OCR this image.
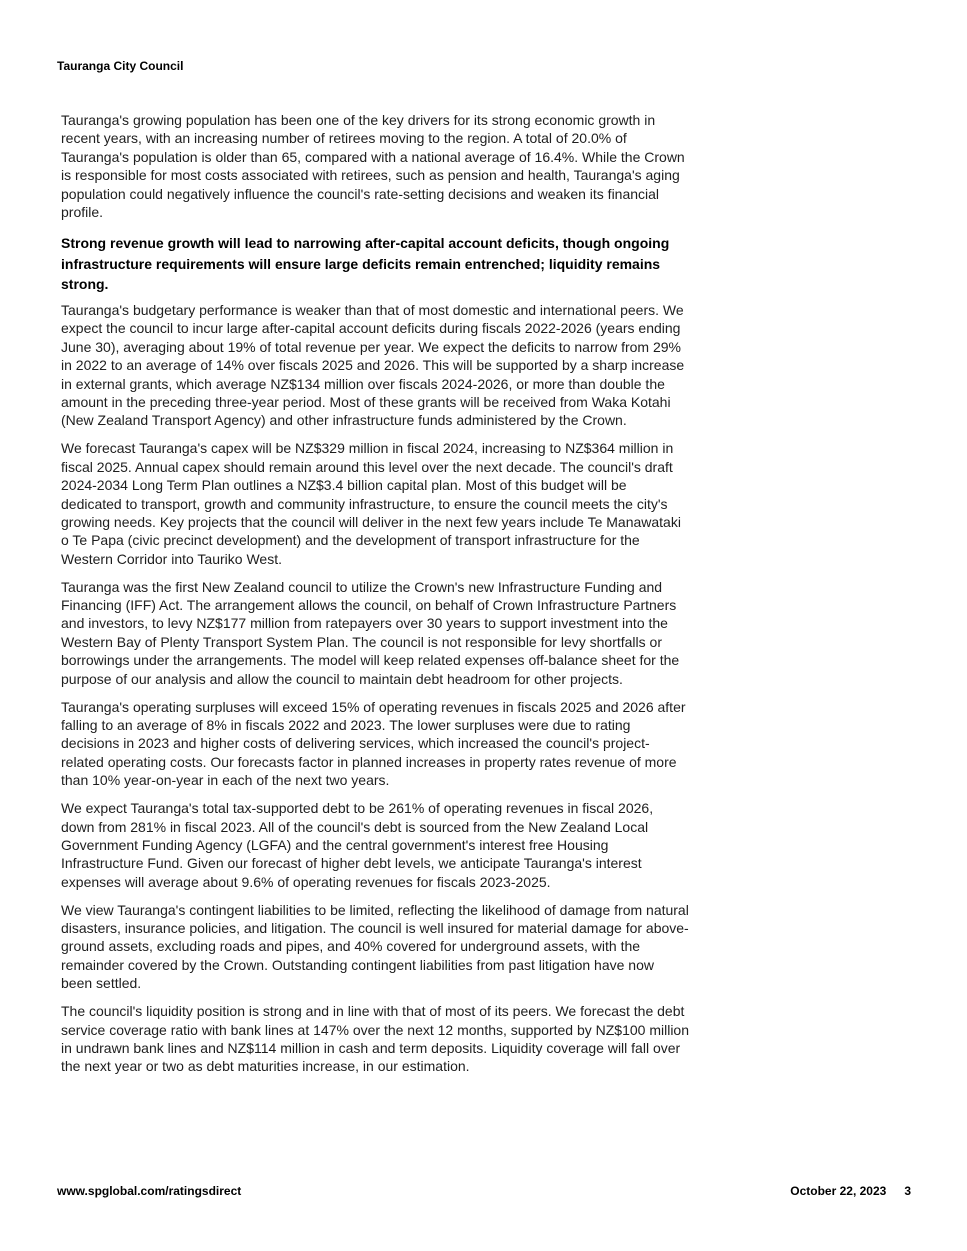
Tauranga City Council

Tauranga's growing population has been one of the key drivers for its strong economic growth in recent years, with an increasing number of retirees moving to the region. A total of 20.0% of Tauranga's population is older than 65, compared with a national average of 16.4%. While the Crown is responsible for most costs associated with retirees, such as pension and health, Tauranga's aging population could negatively influence the council's rate-setting decisions and weaken its financial profile.

Strong revenue growth will lead to narrowing after-capital account deficits, though ongoing infrastructure requirements will ensure large deficits remain entrenched; liquidity remains strong.

Tauranga's budgetary performance is weaker than that of most domestic and international peers. We expect the council to incur large after-capital account deficits during fiscals 2022-2026 (years ending June 30), averaging about 19% of total revenue per year. We expect the deficits to narrow from 29% in 2022 to an average of 14% over fiscals 2025 and 2026. This will be supported by a sharp increase in external grants, which average NZ$134 million over fiscals 2024-2026, or more than double the amount in the preceding three-year period. Most of these grants will be received from Waka Kotahi (New Zealand Transport Agency) and other infrastructure funds administered by the Crown.

We forecast Tauranga's capex will be NZ$329 million in fiscal 2024, increasing to NZ$364 million in fiscal 2025. Annual capex should remain around this level over the next decade. The council's draft 2024-2034 Long Term Plan outlines a NZ$3.4 billion capital plan. Most of this budget will be dedicated to transport, growth and community infrastructure, to ensure the council meets the city's growing needs. Key projects that the council will deliver in the next few years include Te Manawataki o Te Papa (civic precinct development) and the development of transport infrastructure for the Western Corridor into Tauriko West.

Tauranga was the first New Zealand council to utilize the Crown's new Infrastructure Funding and Financing (IFF) Act. The arrangement allows the council, on behalf of Crown Infrastructure Partners and investors, to levy NZ$177 million from ratepayers over 30 years to support investment into the Western Bay of Plenty Transport System Plan. The council is not responsible for levy shortfalls or borrowings under the arrangements. The model will keep related expenses off-balance sheet for the purpose of our analysis and allow the council to maintain debt headroom for other projects.

Tauranga's operating surpluses will exceed 15% of operating revenues in fiscals 2025 and 2026 after falling to an average of 8% in fiscals 2022 and 2023. The lower surpluses were due to rating decisions in 2023 and higher costs of delivering services, which increased the council's project-related operating costs. Our forecasts factor in planned increases in property rates revenue of more than 10% year-on-year in each of the next two years.

We expect Tauranga's total tax-supported debt to be 261% of operating revenues in fiscal 2026, down from 281% in fiscal 2023. All of the council's debt is sourced from the New Zealand Local Government Funding Agency (LGFA) and the central government's interest free Housing Infrastructure Fund. Given our forecast of higher debt levels, we anticipate Tauranga's interest expenses will average about 9.6% of operating revenues for fiscals 2023-2025.

We view Tauranga's contingent liabilities to be limited, reflecting the likelihood of damage from natural disasters, insurance policies, and litigation. The council is well insured for material damage for above-ground assets, excluding roads and pipes, and 40% covered for underground assets, with the remainder covered by the Crown. Outstanding contingent liabilities from past litigation have now been settled.

The council's liquidity position is strong and in line with that of most of its peers. We forecast the debt service coverage ratio with bank lines at 147% over the next 12 months, supported by NZ$100 million in undrawn bank lines and NZ$114 million in cash and term deposits. Liquidity coverage will fall over the next year or two as debt maturities increase, in our estimation.

www.spglobal.com/ratingsdirect	October 22, 2023 3
